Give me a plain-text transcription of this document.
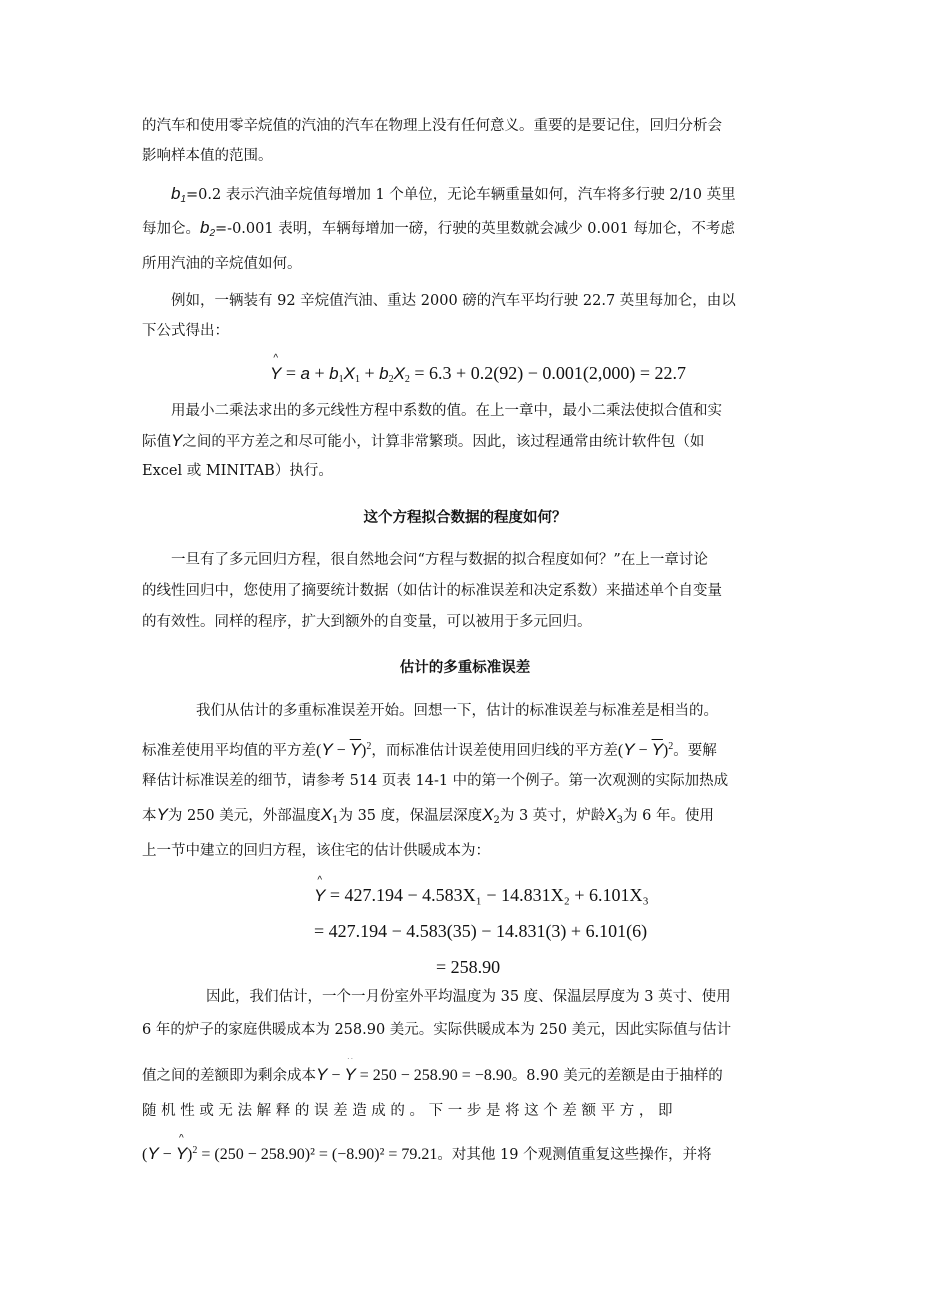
的汽车和使用零辛烷值的汽油的汽车在物理上没有任何意义。重要的是要记住，回归分析会
影响样本值的范围。
$b_1=0.2$ 表示汽油辛烷值每增加 1 个单位，无论车辆重量如何，汽车将多行驶 2/10 英里
每加仑。$b_2=-0.001$ 表明，车辆每增加一磅，行驶的英里数就会减少 0.001 每加仑，不考虑
所用汽油的辛烷值如何。
例如，一辆装有 92 辛烷值汽油、重达 2000 磅的汽车平均行驶 22.7 英里每加仑，由以
下公式得出：
^ $Y = a + b_1X_1 + b_2X_2 = 6.3 + 0.2(92) - 0.001(2,000) = 22.7$
用最小二乘法求出的多元线性方程中系数的值。在上一章中，最小二乘法使拟合值和实
际值Y之间的平方差之和尽可能小，计算非常繁琐。因此，该过程通常由统计软件包（如
Excel 或 MINITAB）执行。
这个方程拟合数据的程度如何？
一旦有了多元回归方程，很自然地会问“方程与数据的拟合程度如何？”在上一章讨论
的线性回归中，您使用了摘要统计数据（如估计的标准误差和决定系数）来描述单个自变量
的有效性。同样的程序，扩大到额外的自变量，可以被用于多元回归。
估计的多重标准误差
我们从估计的多重标准误差开始。回想一下，估计的标准误差与标准差是相当的。
标准差使用平均值的平方差$(Y - \overline{Y})^2$，而标准估计误差使用回归线的平方差$(Y - \overline{Y})^2$。要解
释估计标准误差的细节，请参考 514 页表 14-1 中的第一个例子。第一次观测的实际加热成
本Y为 250 美元，外部温度$X_1$为 35 度，保温层深度$X_2$为 3 英寸，炉龄$X_3$为 6 年。使用
上一节中建立的回归方程，该住宅的估计供暖成本为：
^ Y = 427.194 − 4.583X₁ − 14.831X₂ + 6.101X₃
= 427.194 − 4.583(35) − 14.831(3) + 6.101(6)
= 258.90
因此，我们估计，一个一月份室外平均温度为 35 度、保温层厚度为 3 英寸、使用
6 年的炉子的家庭供暖成本为 258.90 美元。实际供暖成本为 250 美元，因此实际值与估计
值之间的差额即为剩余成本Y − ^ Y = 250 − 258.90 = −8.90。8.90 美元的差额是由于抽样的
随 机 性 或 无 法 解 释 的 误 差 造 成 的 。 下 一 步 是 将 这 个 差 额 平 方 ， 即
(Y − ^ Y)$^2$ = (250 − 258.90)² = (−8.90)² = 79.21。对其他 19 个观测值重复这些操作，并将
